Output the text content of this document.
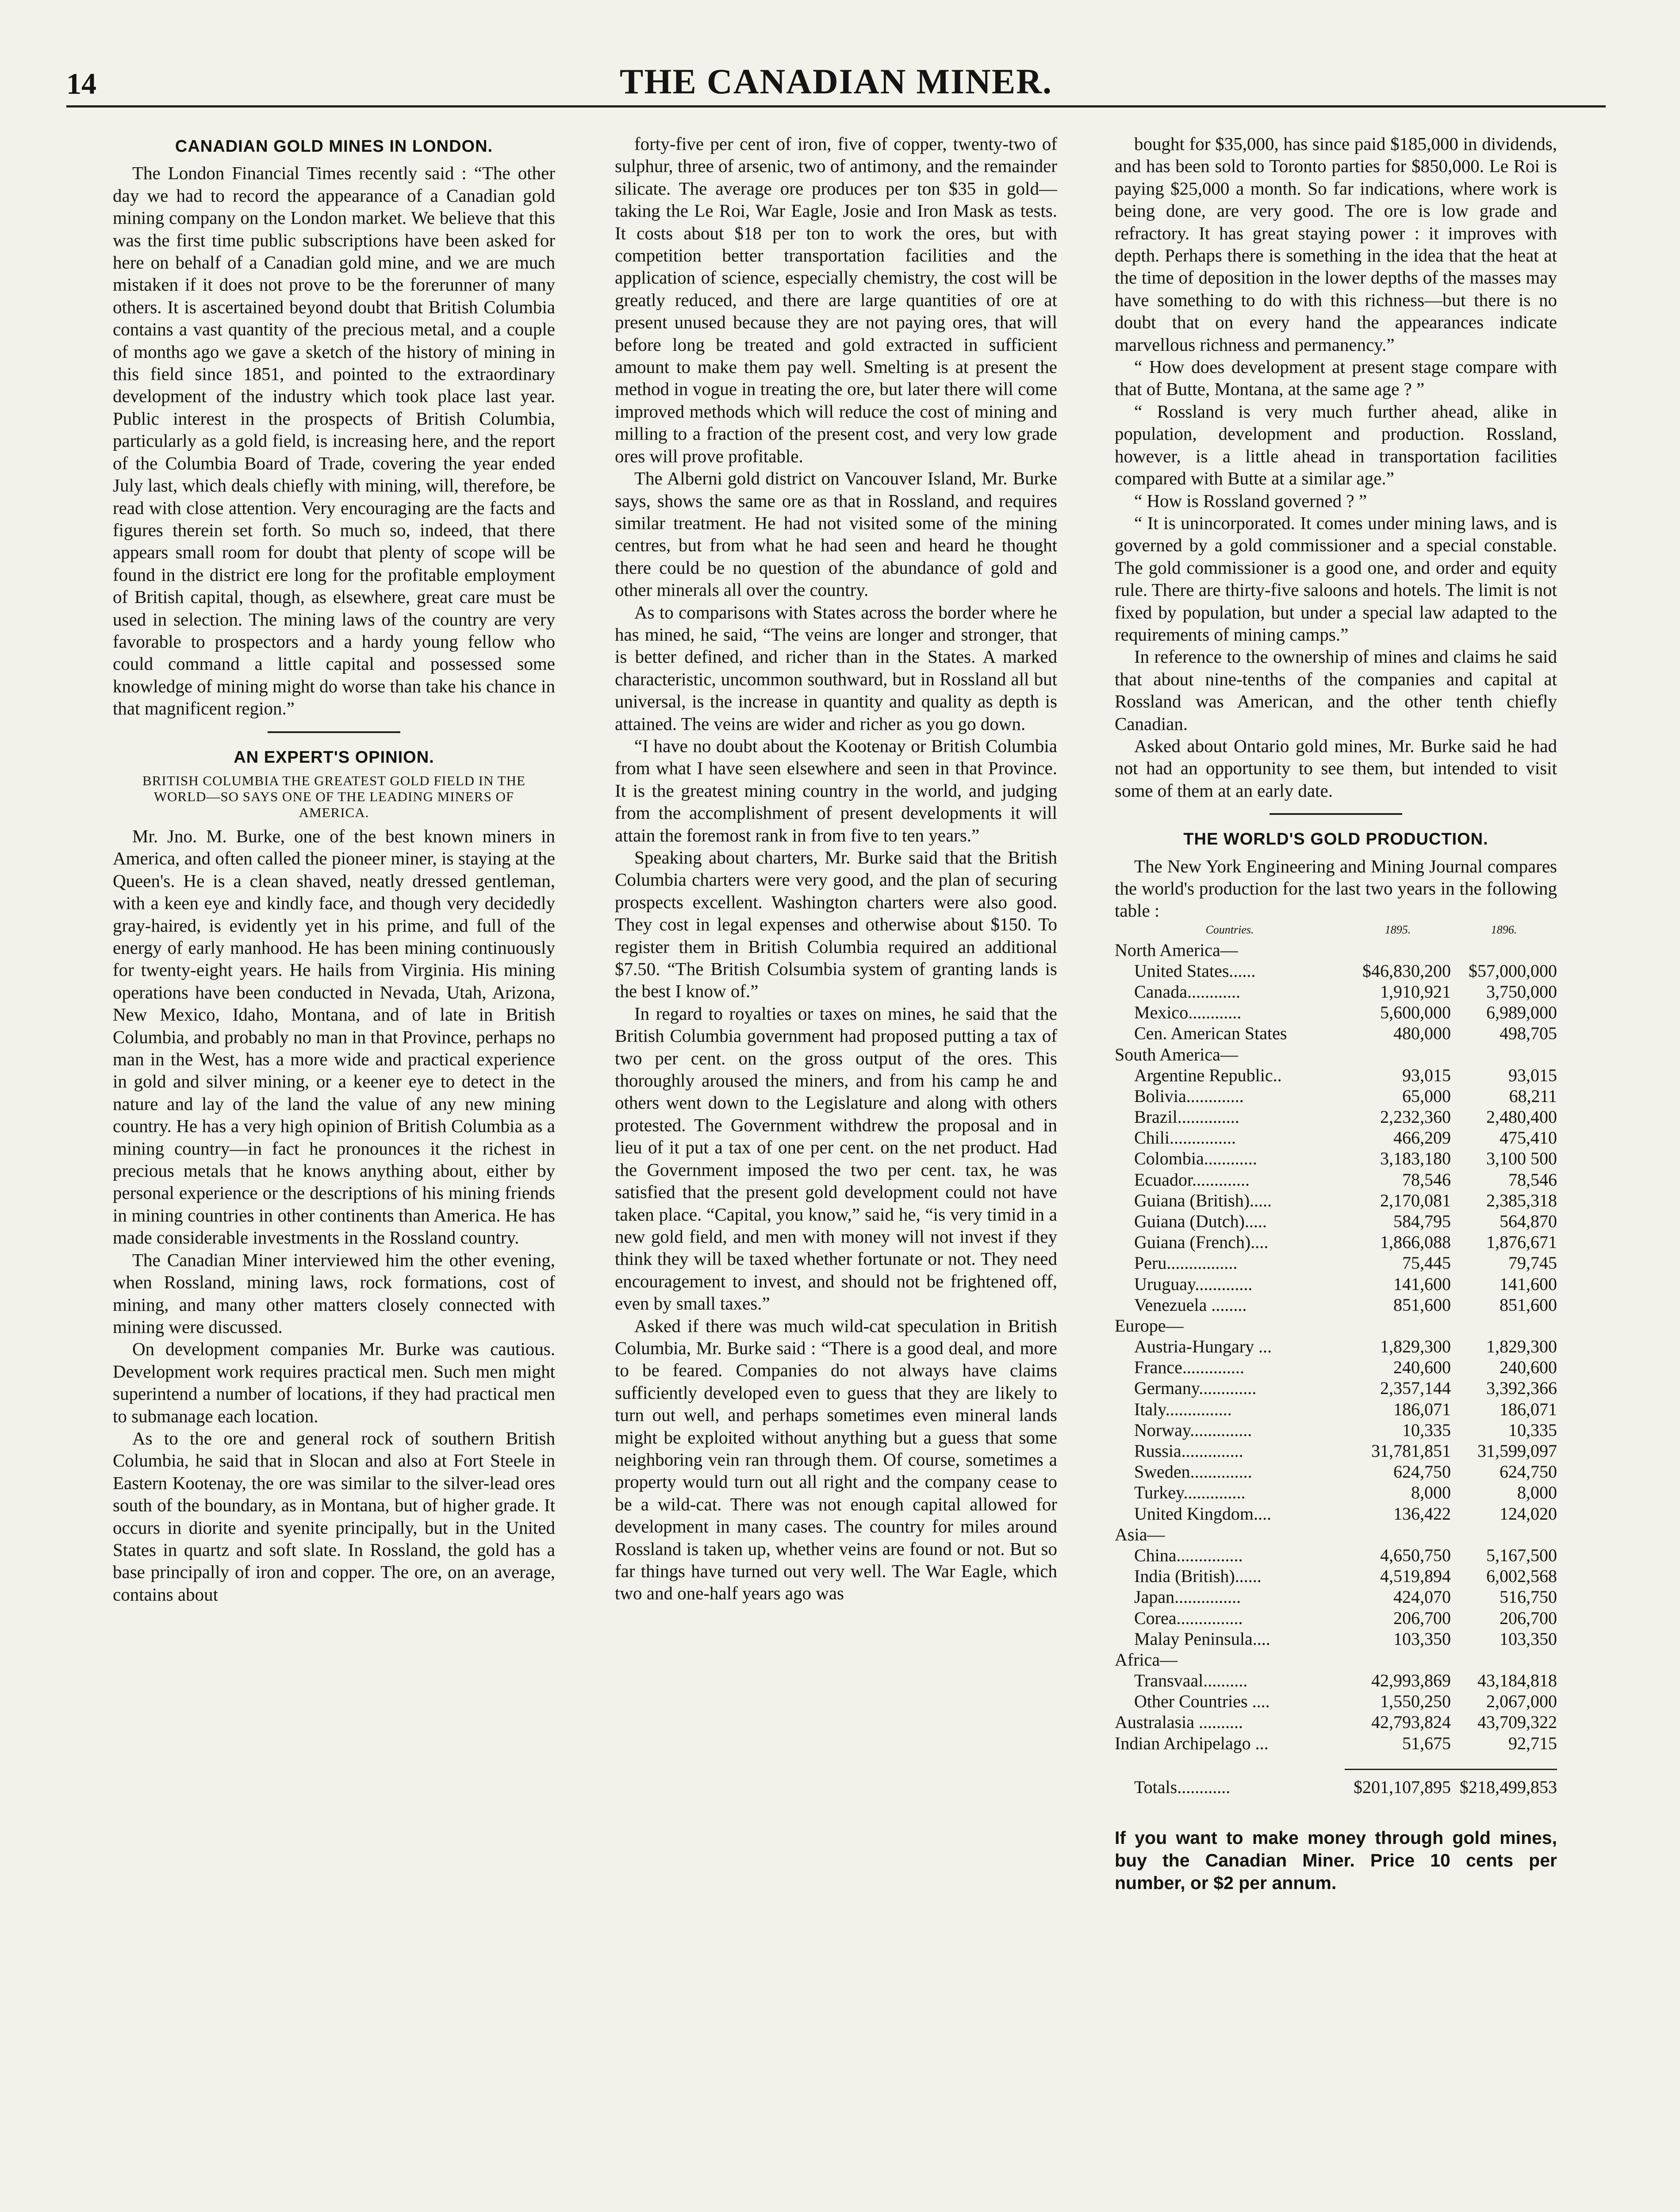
14	THE CANADIAN MINER.
CANADIAN GOLD MINES IN LONDON.

The London Financial Times recently said : “The other day we had to record the appearance of a Canadian gold mining company on the London market. We believe that this was the first time public subscriptions have been asked for here on behalf of a Canadian gold mine, and we are much mistaken if it does not prove to be the forerunner of many others. It is ascertained beyond doubt that British Columbia contains a vast quantity of the precious metal, and a couple of months ago we gave a sketch of the history of mining in this field since 1851, and pointed to the extraordinary development of the industry which took place last year. Public interest in the prospects of British Columbia, particularly as a gold field, is increasing here, and the report of the Columbia Board of Trade, covering the year ended July last, which deals chiefly with mining, will, therefore, be read with close attention. Very encouraging are the facts and figures therein set forth. So much so, indeed, that there appears small room for doubt that plenty of scope will be found in the district ere long for the profitable employment of British capital, though, as elsewhere, great care must be used in selection. The mining laws of the country are very favorable to prospectors and a hardy young fellow who could command a little capital and possessed some knowledge of mining might do worse than take his chance in that magnificent region.”

AN EXPERT'S OPINION.
BRITISH COLUMBIA THE GREATEST GOLD FIELD IN THE WORLD—SO SAYS ONE OF THE LEADING MINERS OF AMERICA.

Mr. Jno. M. Burke, one of the best known miners in America, and often called the pioneer miner, is staying at the Queen's. He is a clean shaved, neatly dressed gentleman, with a keen eye and kindly face, and though very decidedly gray-haired, is evidently yet in his prime, and full of the energy of early manhood. He has been mining continuously for twenty-eight years. He hails from Virginia. His mining operations have been conducted in Nevada, Utah, Arizona, New Mexico, Idaho, Montana, and of late in British Columbia, and probably no man in that Province, perhaps no man in the West, has a more wide and practical experience in gold and silver mining, or a keener eye to detect in the nature and lay of the land the value of any new mining country. He has a very high opinion of British Columbia as a mining country—in fact he pronounces it the richest in precious metals that he knows anything about, either by personal experience or the descriptions of his mining friends in mining countries in other continents than America. He has made considerable investments in the Rossland country.

The Canadian Miner interviewed him the other evening, when Rossland, mining laws, rock formations, cost of mining, and many other matters closely connected with mining were discussed.

On development companies Mr. Burke was cautious. Development work requires practical men. Such men might superintend a number of locations, if they had practical men to submanage each location.

As to the ore and general rock of southern British Columbia, he said that in Slocan and also at Fort Steele in Eastern Kootenay, the ore was similar to the silver-lead ores south of the boundary, as in Montana, but of higher grade. It occurs in diorite and syenite principally, but in the United States in quartz and soft slate. In Rossland, the gold has a base principally of iron and copper. The ore, on an average, contains about

forty-five per cent of iron, five of copper, twenty-two of sulphur, three of arsenic, two of antimony, and the remainder silicate. The average ore produces per ton $35 in gold—taking the Le Roi, War Eagle, Josie and Iron Mask as tests. It costs about $18 per ton to work the ores, but with competition better transportation facilities and the application of science, especially chemistry, the cost will be greatly reduced, and there are large quantities of ore at present unused because they are not paying ores, that will before long be treated and gold extracted in sufficient amount to make them pay well. Smelting is at present the method in vogue in treating the ore, but later there will come improved methods which will reduce the cost of mining and milling to a fraction of the present cost, and very low grade ores will prove profitable.

The Alberni gold district on Vancouver Island, Mr. Burke says, shows the same ore as that in Rossland, and requires similar treatment. He had not visited some of the mining centres, but from what he had seen and heard he thought there could be no question of the abundance of gold and other minerals all over the country.

As to comparisons with States across the border where he has mined, he said, “The veins are longer and stronger, that is better defined, and richer than in the States. A marked characteristic, uncommon southward, but in Rossland all but universal, is the increase in quantity and quality as depth is attained. The veins are wider and richer as you go down.

“I have no doubt about the Kootenay or British Columbia from what I have seen elsewhere and seen in that Province. It is the greatest mining country in the world, and judging from the accomplishment of present developments it will attain the foremost rank in from five to ten years.”

Speaking about charters, Mr. Burke said that the British Columbia charters were very good, and the plan of securing prospects excellent. Washington charters were also good. They cost in legal expenses and otherwise about $150. To register them in British Columbia required an additional $7.50. “The British Colsumbia system of granting lands is the best I know of.”

In regard to royalties or taxes on mines, he said that the British Columbia government had proposed putting a tax of two per cent. on the gross output of the ores. This thoroughly aroused the miners, and from his camp he and others went down to the Legislature and along with others protested. The Government withdrew the proposal and in lieu of it put a tax of one per cent. on the net product. Had the Government imposed the two per cent. tax, he was satisfied that the present gold development could not have taken place. “Capital, you know,” said he, “is very timid in a new gold field, and men with money will not invest if they think they will be taxed whether fortunate or not. They need encouragement to invest, and should not be frightened off, even by small taxes.”

Asked if there was much wild-cat speculation in British Columbia, Mr. Burke said : “There is a good deal, and more to be feared. Companies do not always have claims sufficiently developed even to guess that they are likely to turn out well, and perhaps sometimes even mineral lands might be exploited without anything but a guess that some neighboring vein ran through them. Of course, sometimes a property would turn out all right and the company cease to be a wild-cat. There was not enough capital allowed for development in many cases. The country for miles around Rossland is taken up, whether veins are found or not. But so far things have turned out very well. The War Eagle, which two and one-half years ago was

bought for $35,000, has since paid $185,000 in dividends, and has been sold to Toronto parties for $850,000. Le Roi is paying $25,000 a month. So far indications, where work is being done, are very good. The ore is low grade and refractory. It has great staying power : it improves with depth. Perhaps there is something in the idea that the heat at the time of deposition in the lower depths of the masses may have something to do with this richness—but there is no doubt that on every hand the appearances indicate marvellous richness and permanency.”

“ How does development at present stage compare with that of Butte, Montana, at the same age ? ”

“ Rossland is very much further ahead, alike in population, development and production. Rossland, however, is a little ahead in transportation facilities compared with Butte at a similar age.”

“ How is Rossland governed ? ”

“ It is unincorporated. It comes under mining laws, and is governed by a gold commissioner and a special constable. The gold commissioner is a good one, and order and equity rule. There are thirty-five saloons and hotels. The limit is not fixed by population, but under a special law adapted to the requirements of mining camps.”

In reference to the ownership of mines and claims he said that about nine-tenths of the companies and capital at Rossland was American, and the other tenth chiefly Canadian.

Asked about Ontario gold mines, Mr. Burke said he had not had an opportunity to see them, but intended to visit some of them at an early date.

THE WORLD'S GOLD PRODUCTION.

The New York Engineering and Mining Journal compares the world's production for the last two years in the following table :

Countries.	1895.	1896.
North America—
United States......	$46,830,200	$57,000,000
Canada............	1,910,921	3,750,000
Mexico............	5,600,000	6,989,000
Cen. American States	480,000	498,705
South America—
Argentine Republic..	93,015	93,015
Bolivia.............	65,000	68,211
Brazil..............	2,232,360	2,480,400
Chili...............	466,209	475,410
Colombia............	3,183,180	3,100 500
Ecuador.............	78,546	78,546
Guiana (British).....	2,170,081	2,385,318
Guiana (Dutch).....	584,795	564,870
Guiana (French)....	1,866,088	1,876,671
Peru................	75,445	79,745
Uruguay.............	141,600	141,600
Venezuela ........	851,600	851,600
Europe—
Austria-Hungary ...	1,829,300	1,829,300
France..............	240,600	240,600
Germany.............	2,357,144	3,392,366
Italy...............	186,071	186,071
Norway..............	10,335	10,335
Russia..............	31,781,851	31,599,097
Sweden..............	624,750	624,750
Turkey..............	8,000	8,000
United Kingdom....	136,422	124,020
Asia—
China...............	4,650,750	5,167,500
India (British)......	4,519,894	6,002,568
Japan...............	424,070	516,750
Corea...............	206,700	206,700
Malay Peninsula....	103,350	103,350
Africa—
Transvaal..........	42,993,869	43,184,818
Other Countries ....	1,550,250	2,067,000
Australasia ..........	42,793,824	43,709,322
Indian Archipelago ...	51,675	92,715
Totals............	$201,107,895 $218,499,853
If you want to make money through gold mines, buy the Canadian Miner. Price 10 cents per number, or $2 per annum.
